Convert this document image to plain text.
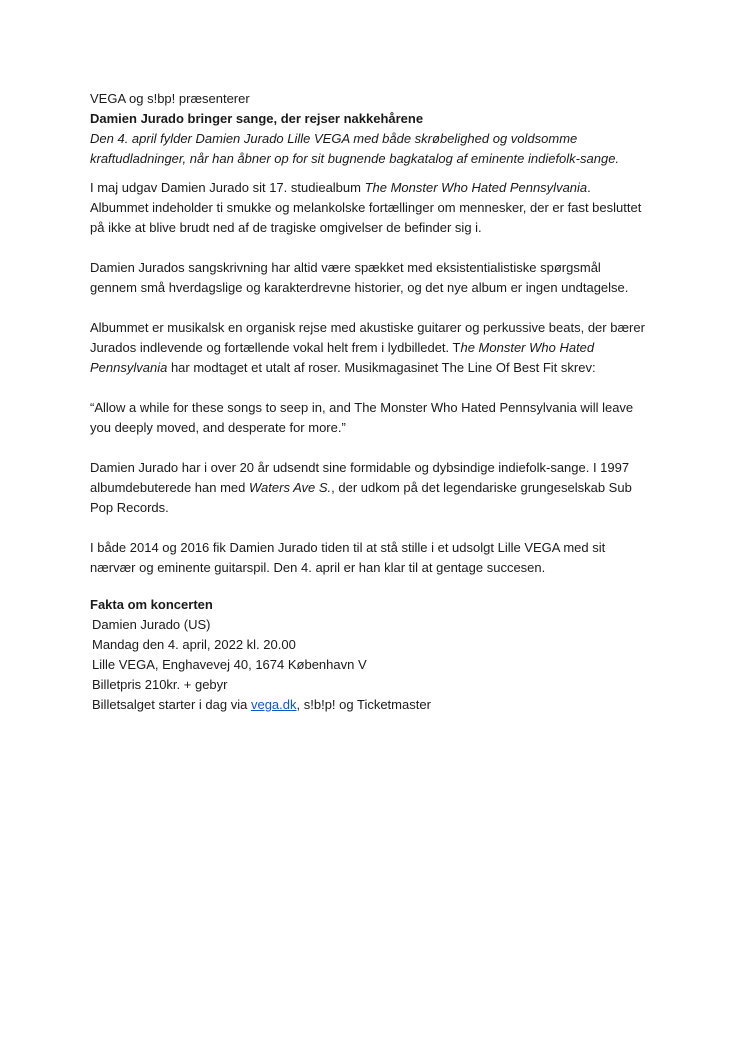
VEGA og s!bp! præsenterer

Damien Jurado bringer sange, der rejser nakkehårene

Den 4. april fylder Damien Jurado Lille VEGA med både skrøbelighed og voldsomme kraftudladninger, når han åbner op for sit bugnende bagkatalog af eminente indiefolk-sange.

I maj udgav Damien Jurado sit 17. studiealbum The Monster Who Hated Pennsylvania. Albummet indeholder ti smukke og melankolske fortællinger om mennesker, der er fast besluttet på ikke at blive brudt ned af de tragiske omgivelser de befinder sig i.

Damien Jurados sangskrivning har altid være spækket med eksistentialistiske spørgsmål gennem små hverdagslige og karakterdrevne historier, og det nye album er ingen undtagelse.

Albummet er musikalsk en organisk rejse med akustiske guitarer og perkussive beats, der bærer Jurados indlevende og fortællende vokal helt frem i lydbilledet. The Monster Who Hated Pennsylvania har modtaget et utalt af roser. Musikmagasinet The Line Of Best Fit skrev:

“Allow a while for these songs to seep in, and The Monster Who Hated Pennsylvania will leave you deeply moved, and desperate for more.”

Damien Jurado har i over 20 år udsendt sine formidable og dybsindige indiefolk-sange. I 1997 albumdebuterede han med Waters Ave S., der udkom på det legendariske grungeselskab Sub Pop Records.

I både 2014 og 2016 fik Damien Jurado tiden til at stå stille i et udsolgt Lille VEGA med sit nærvær og eminente guitarspil. Den 4. april er han klar til at gentage succesen.

Fakta om koncerten

Damien Jurado (US)

Mandag den 4. april, 2022 kl. 20.00

Lille VEGA, Enghavevej 40, 1674 København V

Billetpris 210kr. + gebyr

Billetsalget starter i dag via vega.dk, s!b!p! og Ticketmaster
